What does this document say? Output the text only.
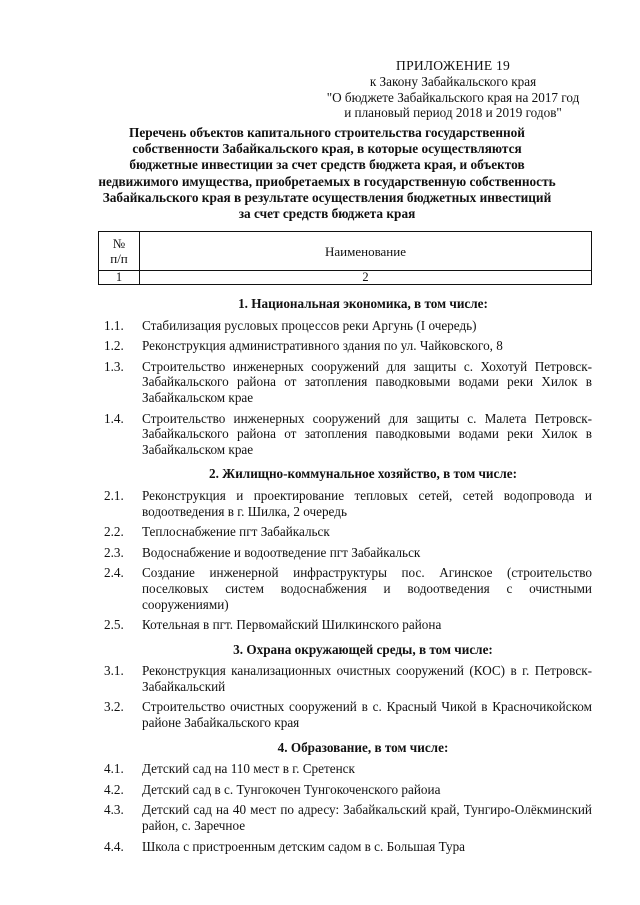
ПРИЛОЖЕНИЕ 19
к Закону Забайкальского края
"О бюджете Забайкальского края на 2017 год
и плановый период 2018 и 2019 годов"
Перечень объектов капитального строительства государственной
собственности Забайкальского края, в которые осуществляются
бюджетные инвестиции за счет средств бюджета края, и объектов
недвижимого имущества, приобретаемых в государственную собственность
Забайкальского края в результате осуществления бюджетных инвестиций
за счет средств бюджета края
№
п/п	Наименование
1	2
1. Национальная экономика, в том числе:
1.1.	Стабилизация русловых процессов реки Аргунь (I очередь)
1.2.	Реконструкция административного здания по ул. Чайковского, 8
1.3.	Строительство инженерных сооружений для защиты с. Хохотуй Петровск-Забайкальского района от затопления паводковыми водами реки Хилок в Забайкальском крае
1.4.	Строительство инженерных сооружений для защиты с. Малета Петровск-Забайкальского района от затопления паводковыми водами реки Хилок в Забайкальском крае
2. Жилищно-коммунальное хозяйство, в том числе:
2.1.	Реконструкция и проектирование тепловых сетей, сетей водопровода и водоотведения в г. Шилка, 2 очередь
2.2.	Теплоснабжение пгт Забайкальск
2.3.	Водоснабжение и водоотведение пгт Забайкальск
2.4.	Создание инженерной инфраструктуры пос. Агинское (строительство поселковых систем водоснабжения и водоотведения с очистными сооружениями)
2.5.	Котельная в пгт. Первомайский Шилкинского района
3. Охрана окружающей среды, в том числе:
3.1.	Реконструкция канализационных очистных сооружений (КОС) в г. Петровск-Забайкальский
3.2.	Строительство очистных сооружений в с. Красный Чикой в Красночикойском районе Забайкальского края
4. Образование, в том числе:
4.1.	Детский сад на 110 мест в г. Сретенск
4.2.	Детский сад в с. Тунгокочен Тунгокоченского райоиа
4.3.	Детский сад на 40 мест по адресу: Забайкальский край, Тунгиро-Олёкминский район, с. Заречное
4.4.	Школа с пристроенным детским садом в с. Большая Тура
